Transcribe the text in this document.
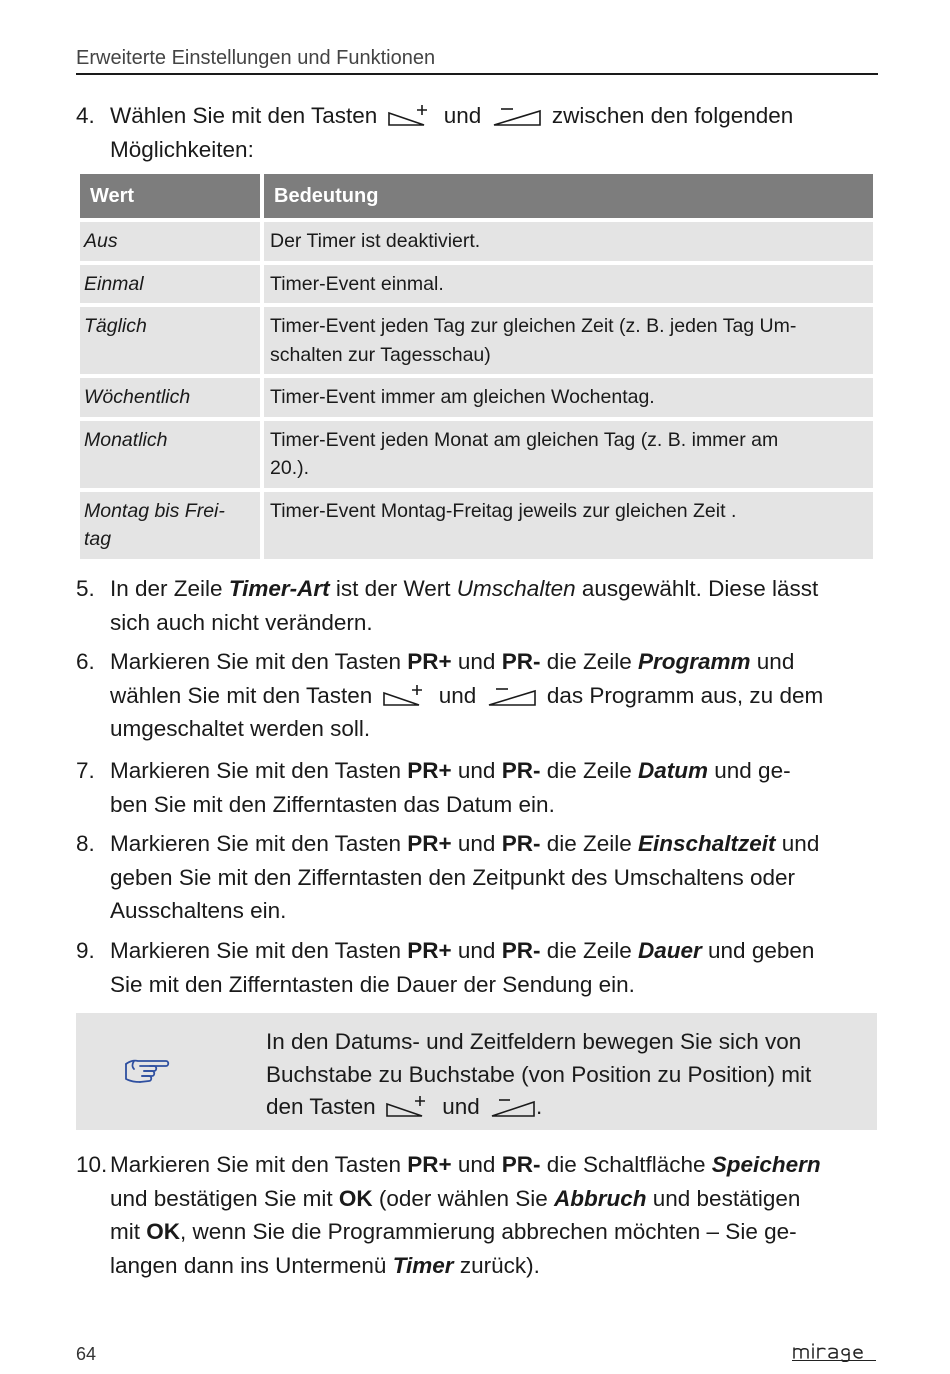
Erweiterte Einstellungen und Funktionen
4. Wählen Sie mit den Tasten	und	zwischen den folgenden
Möglichkeiten:
Wert	Bedeutung
Aus	Der Timer ist deaktiviert.
Einmal	Timer-Event einmal.
Täglich	Timer-Event jeden Tag zur gleichen Zeit (z. B. jeden Tag Um-
schalten zur Tagesschau)
Wöchentlich	Timer-Event immer am gleichen Wochentag.
Monatlich	Timer-Event jeden Monat am gleichen Tag (z. B. immer am
20.).
Montag bis Frei-
tag	Timer-Event Montag-Freitag jeweils zur gleichen Zeit .
5. In der Zeile Timer-Art ist der Wert Umschalten ausgewählt. Diese lässt
sich auch nicht verändern.
6. Markieren Sie mit den Tasten PR+ und PR- die Zeile Programm und
wählen Sie mit den Tasten	und	das Programm aus, zu dem
umgeschaltet werden soll.
7. Markieren Sie mit den Tasten PR+ und PR- die Zeile Datum und ge-
ben Sie mit den Zifferntasten das Datum ein.
8. Markieren Sie mit den Tasten PR+ und PR- die Zeile Einschaltzeit und
geben Sie mit den Zifferntasten den Zeitpunkt des Umschaltens oder
Ausschaltens ein.
9. Markieren Sie mit den Tasten PR+ und PR- die Zeile Dauer und geben
Sie mit den Zifferntasten die Dauer der Sendung ein.
In den Datums- und Zeitfeldern bewegen Sie sich von
Buchstabe zu Buchstabe (von Position zu Position) mit
den Tasten	und	.
10. Markieren Sie mit den Tasten PR+ und PR- die Schaltfläche Speichern
und bestätigen Sie mit OK (oder wählen Sie Abbruch und bestätigen
mit OK, wenn Sie die Programmierung abbrechen möchten – Sie ge-
langen dann ins Untermenü Timer zurück).
64
